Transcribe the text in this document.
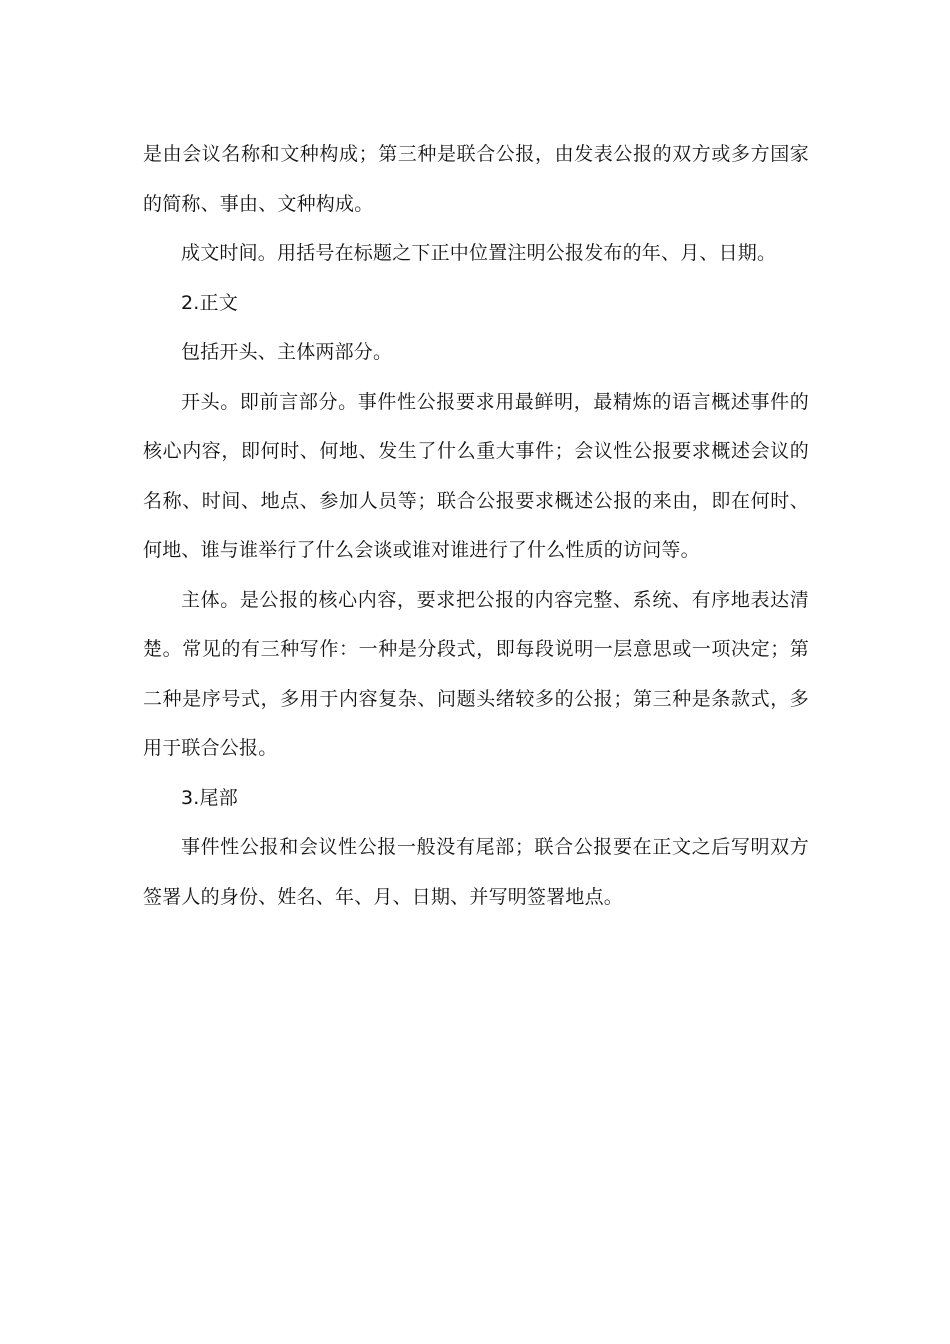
是由会议名称和文种构成；第三种是联合公报，由发表公报的双方或多方国家的简称、事由、文种构成。

成文时间。用括号在标题之下正中位置注明公报发布的年、月、日期。

2.正文

包括开头、主体两部分。

开头。即前言部分。事件性公报要求用最鲜明，最精炼的语言概述事件的核心内容，即何时、何地、发生了什么重大事件；会议性公报要求概述会议的名称、时间、地点、参加人员等；联合公报要求概述公报的来由，即在何时、何地、谁与谁举行了什么会谈或谁对谁进行了什么性质的访问等。

主体。是公报的核心内容，要求把公报的内容完整、系统、有序地表达清楚。常见的有三种写作：一种是分段式，即每段说明一层意思或一项决定；第二种是序号式，多用于内容复杂、问题头绪较多的公报；第三种是条款式，多用于联合公报。

3.尾部

事件性公报和会议性公报一般没有尾部；联合公报要在正文之后写明双方签署人的身份、姓名、年、月、日期、并写明签署地点。
